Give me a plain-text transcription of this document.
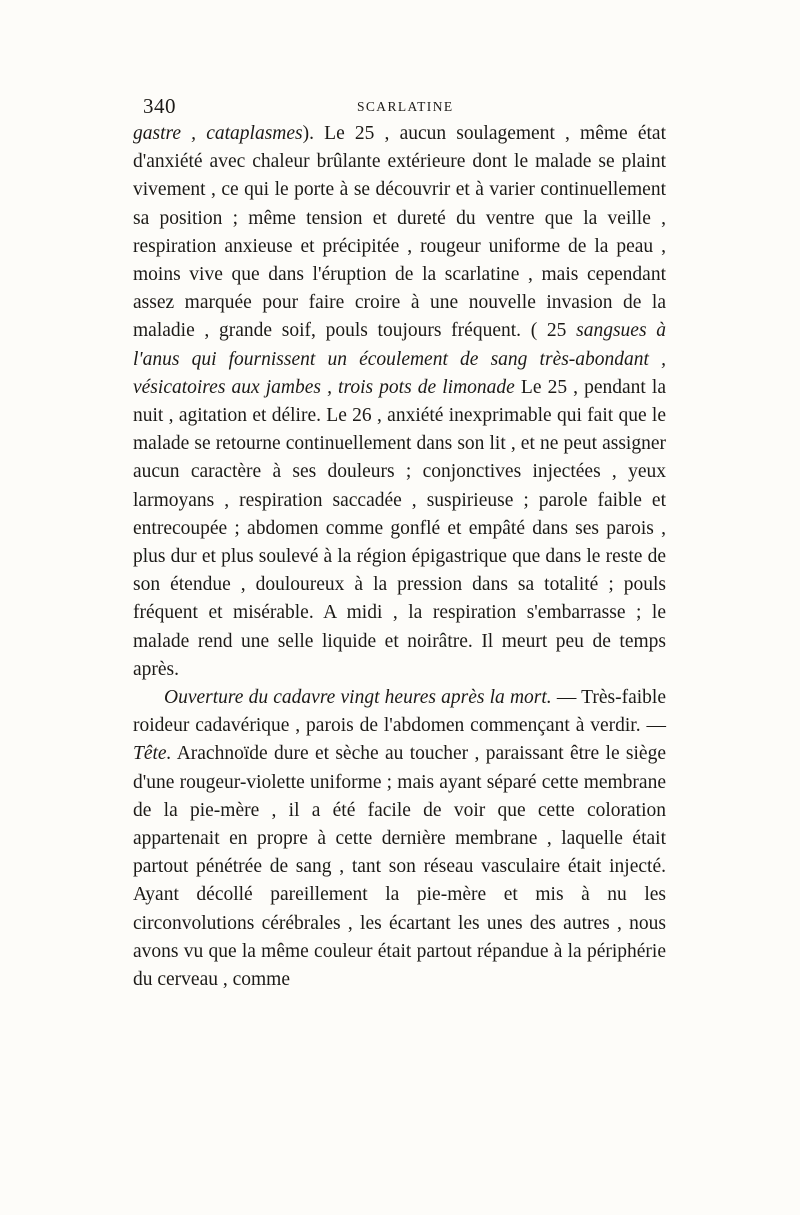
340	SCARLATINE

gastre , cataplasmes). Le 25 , aucun soulagement , même état d'anxiété avec chaleur brûlante extérieure dont le malade se plaint vivement , ce qui le porte à se découvrir et à varier continuellement sa position ; même tension et dureté du ventre que la veille , respiration anxieuse et précipitée , rougeur uniforme de la peau , moins vive que dans l'éruption de la scarlatine , mais cependant assez marquée pour faire croire à une nouvelle invasion de la maladie , grande soif, pouls toujours fréquent. ( 25 sangsues à l'anus qui fournissent un écoulement de sang très-abondant , vésicatoires aux jambes , trois pots de limonade Le 25 , pendant la nuit , agitation et délire. Le 26 , anxiété inexprimable qui fait que le malade se retourne continuellement dans son lit , et ne peut assigner aucun caractère à ses douleurs ; conjonctives injectées , yeux larmoyans , respiration saccadée , suspirieuse ; parole faible et entrecoupée ; abdomen comme gonflé et empâté dans ses parois , plus dur et plus soulevé à la région épigastrique que dans le reste de son étendue , douloureux à la pression dans sa totalité ; pouls fréquent et misérable. A midi , la respiration s'embarrasse ; le malade rend une selle liquide et noirâtre. Il meurt peu de temps après.

Ouverture du cadavre vingt heures après la mort. — Très-faible roideur cadavérique , parois de l'abdomen commençant à verdir. —Tête. Arachnoïde dure et sèche au toucher , paraissant être le siège d'une rougeur-violette uniforme ; mais ayant séparé cette membrane de la pie-mère , il a été facile de voir que cette coloration appartenait en propre à cette dernière membrane , laquelle était partout pénétrée de sang , tant son réseau vasculaire était injecté. Ayant décollé pareillement la pie-mère et mis à nu les circonvolutions cérébrales , les écartant les unes des autres , nous avons vu que la même couleur était partout répandue à la périphérie du cerveau , comme
